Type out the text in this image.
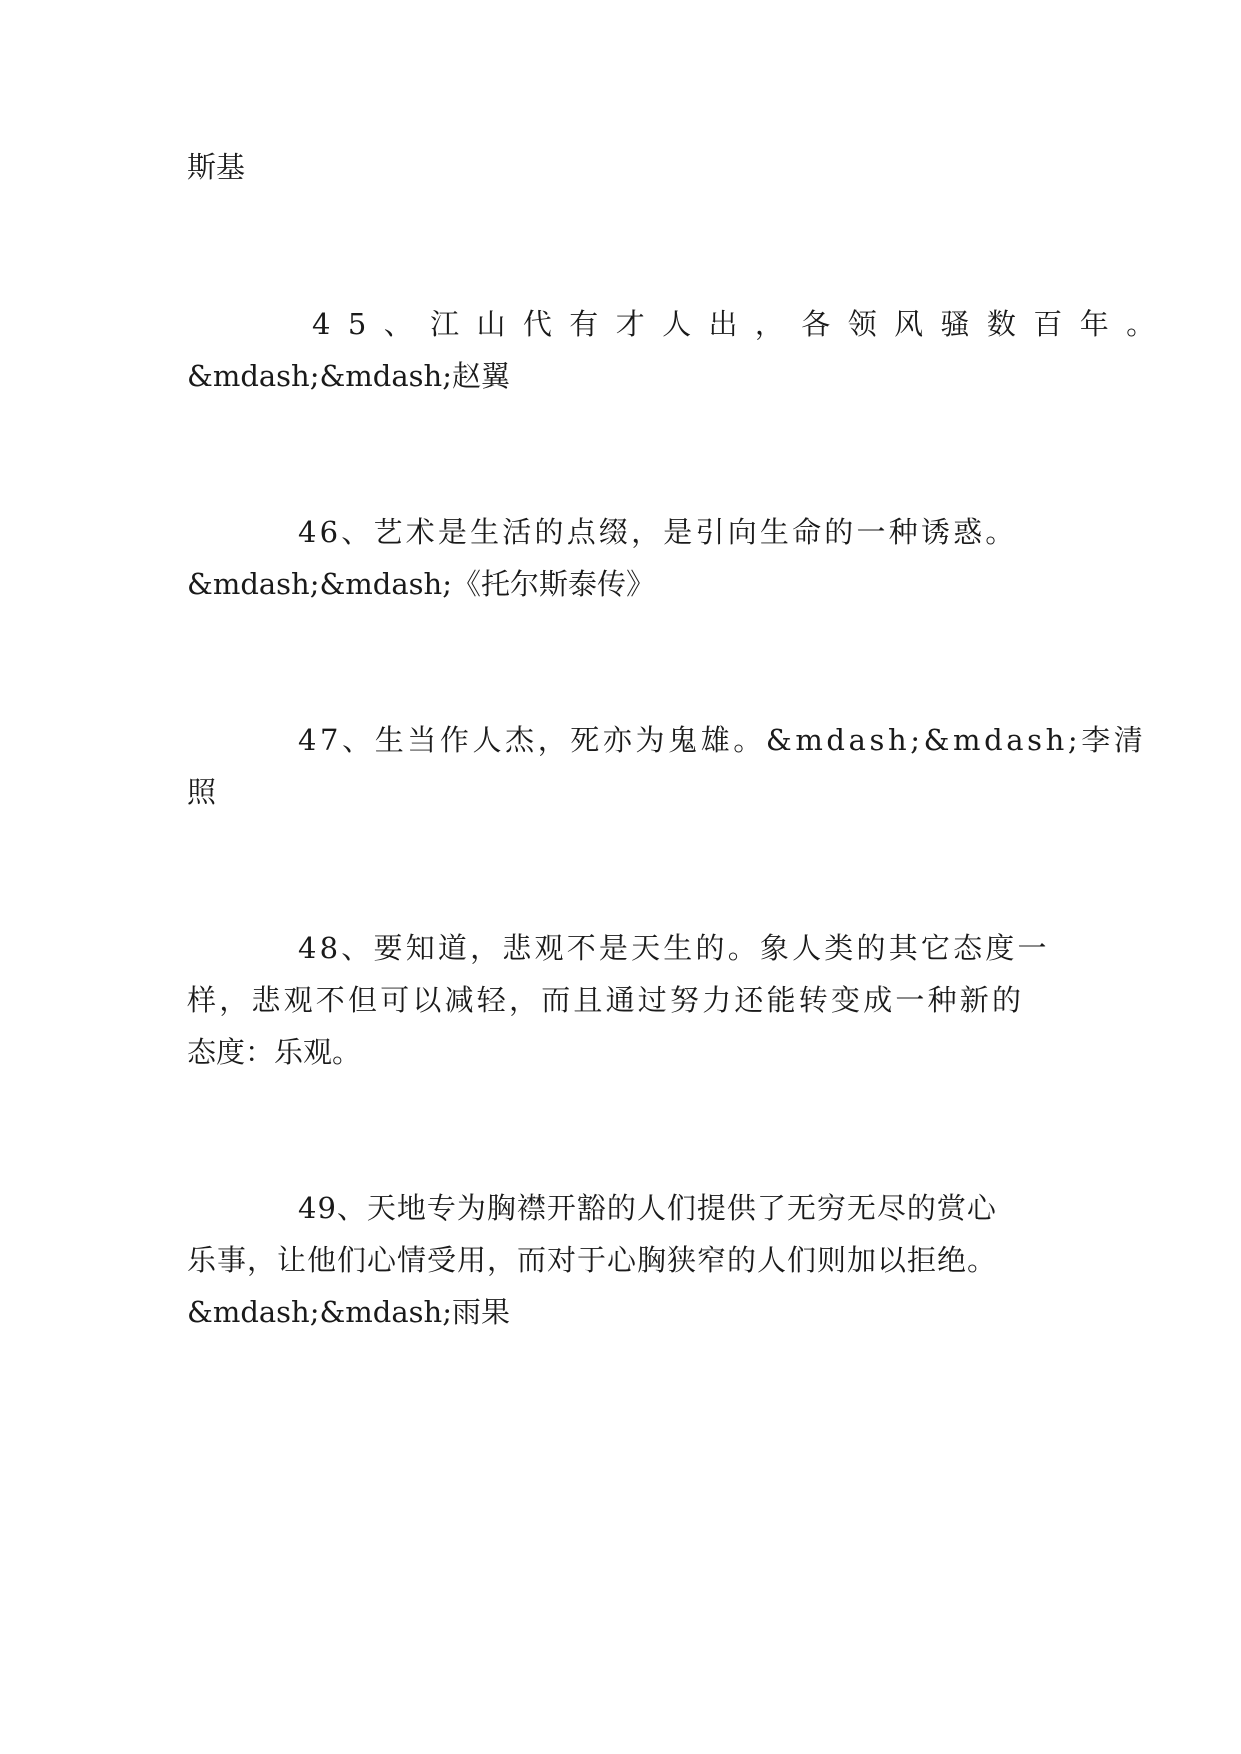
斯基
45、江山代有才人出，各领风骚数百年。
&mdash;&mdash;赵翼
46、艺术是生活的点缀，是引向生命的一种诱惑。
&mdash;&mdash;《托尔斯泰传》
47、生当作人杰，死亦为鬼雄。&mdash;&mdash;李清
照
48、要知道，悲观不是天生的。象人类的其它态度一
样，悲观不但可以减轻，而且通过努力还能转变成一种新的
态度：乐观。
49、天地专为胸襟开豁的人们提供了无穷无尽的赏心
乐事，让他们心情受用，而对于心胸狭窄的人们则加以拒绝。
&mdash;&mdash;雨果
